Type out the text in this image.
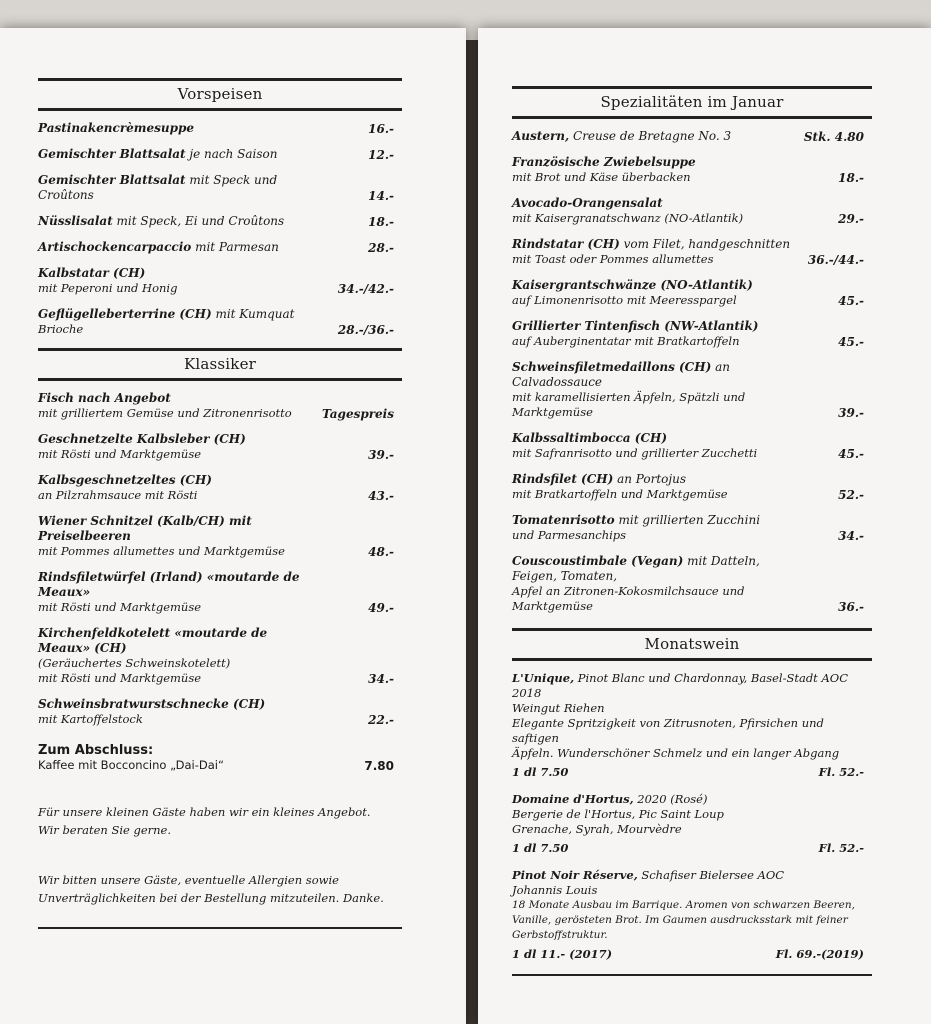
Vorspeisen
Pastinakencrèmesuppe	16.-
Gemischter Blattsalat je nach Saison	12.-
Gemischter Blattsalat mit Speck und Croûtons	14.-
Nüsslisalat mit Speck, Ei und Croûtons	18.-
Artischockencarpaccio mit Parmesan	28.-
Kalbstatar (CH)
mit Peperoni und Honig	34.-/42.-
Geflügelleberterrine (CH) mit Kumquat
Brioche	28.-/36.-
Klassiker
Fisch nach Angebot
mit grilliertem Gemüse und Zitronenrisotto	Tagespreis
Geschnetzelte Kalbsleber (CH)
mit Rösti und Marktgemüse	39.-
Kalbsgeschnetzeltes (CH)
an Pilzrahmsauce mit Rösti	43.-
Wiener Schnitzel (Kalb/CH) mit Preiselbeeren
mit Pommes allumettes und Marktgemüse	48.-
Rindsfiletwürfel (Irland) «moutarde de Meaux»
mit Rösti und Marktgemüse	49.-
Kirchenfeldkotelett «moutarde de Meaux» (CH)
(Geräuchertes Schweinskotelett)
mit Rösti und Marktgemüse	34.-
Schweinsbratwurstschnecke (CH)
mit Kartoffelstock	22.-
Zum Abschluss:
Kaffee mit Bocconcino „Dai-Dai“	7.80
Für unsere kleinen Gäste haben wir ein kleines Angebot.
Wir beraten Sie gerne.
Wir bitten unsere Gäste, eventuelle Allergien sowie
Unverträglichkeiten bei der Bestellung mitzuteilen. Danke.
Spezialitäten im Januar
Austern, Creuse de Bretagne No. 3	Stk. 4.80
Französische Zwiebelsuppe
mit Brot und Käse überbacken	18.-
Avocado-Orangensalat
mit Kaisergranatschwanz (NO-Atlantik)	29.-
Rindstatar (CH) vom Filet, handgeschnitten
mit Toast oder Pommes allumettes	36.-/44.-
Kaisergrantschwänze (NO-Atlantik)
auf Limonenrisotto mit Meeresspargel	45.-
Grillierter Tintenfisch (NW-Atlantik)
auf Auberginentatar mit Bratkartoffeln	45.-
Schweinsfiletmedaillons (CH) an Calvadossauce
mit karamellisierten Äpfeln, Spätzli und Marktgemüse	39.-
Kalbssaltimbocca (CH)
mit Safranrisotto und grillierter Zucchetti	45.-
Rindsfilet (CH) an Portojus
mit Bratkartoffeln und Marktgemüse	52.-
Tomatenrisotto mit grillierten Zucchini
und Parmesanchips	34.-
Couscoustimbale (Vegan) mit Datteln, Feigen, Tomaten,
Apfel an Zitronen-Kokosmilchsauce und Marktgemüse	36.-
Monatswein
L'Unique, Pinot Blanc und Chardonnay, Basel-Stadt AOC 2018
Weingut Riehen
Elegante Spritzigkeit von Zitrusnoten, Pfirsichen und saftigen
Äpfeln. Wunderschöner Schmelz und ein langer Abgang
1 dl 7.50	Fl. 52.-
Domaine d'Hortus, 2020 (Rosé)
Bergerie de l'Hortus, Pic Saint Loup
Grenache, Syrah, Mourvèdre
1 dl 7.50	Fl. 52.-
Pinot Noir Réserve, Schafiser Bielersee AOC
Johannis Louis
18 Monate Ausbau im Barrique. Aromen von schwarzen Beeren,
Vanille, gerösteten Brot. Im Gaumen ausdrucksstark mit feiner Gerbstoffstruktur.
1 dl 11.- (2017)	Fl. 69.-(2019)
